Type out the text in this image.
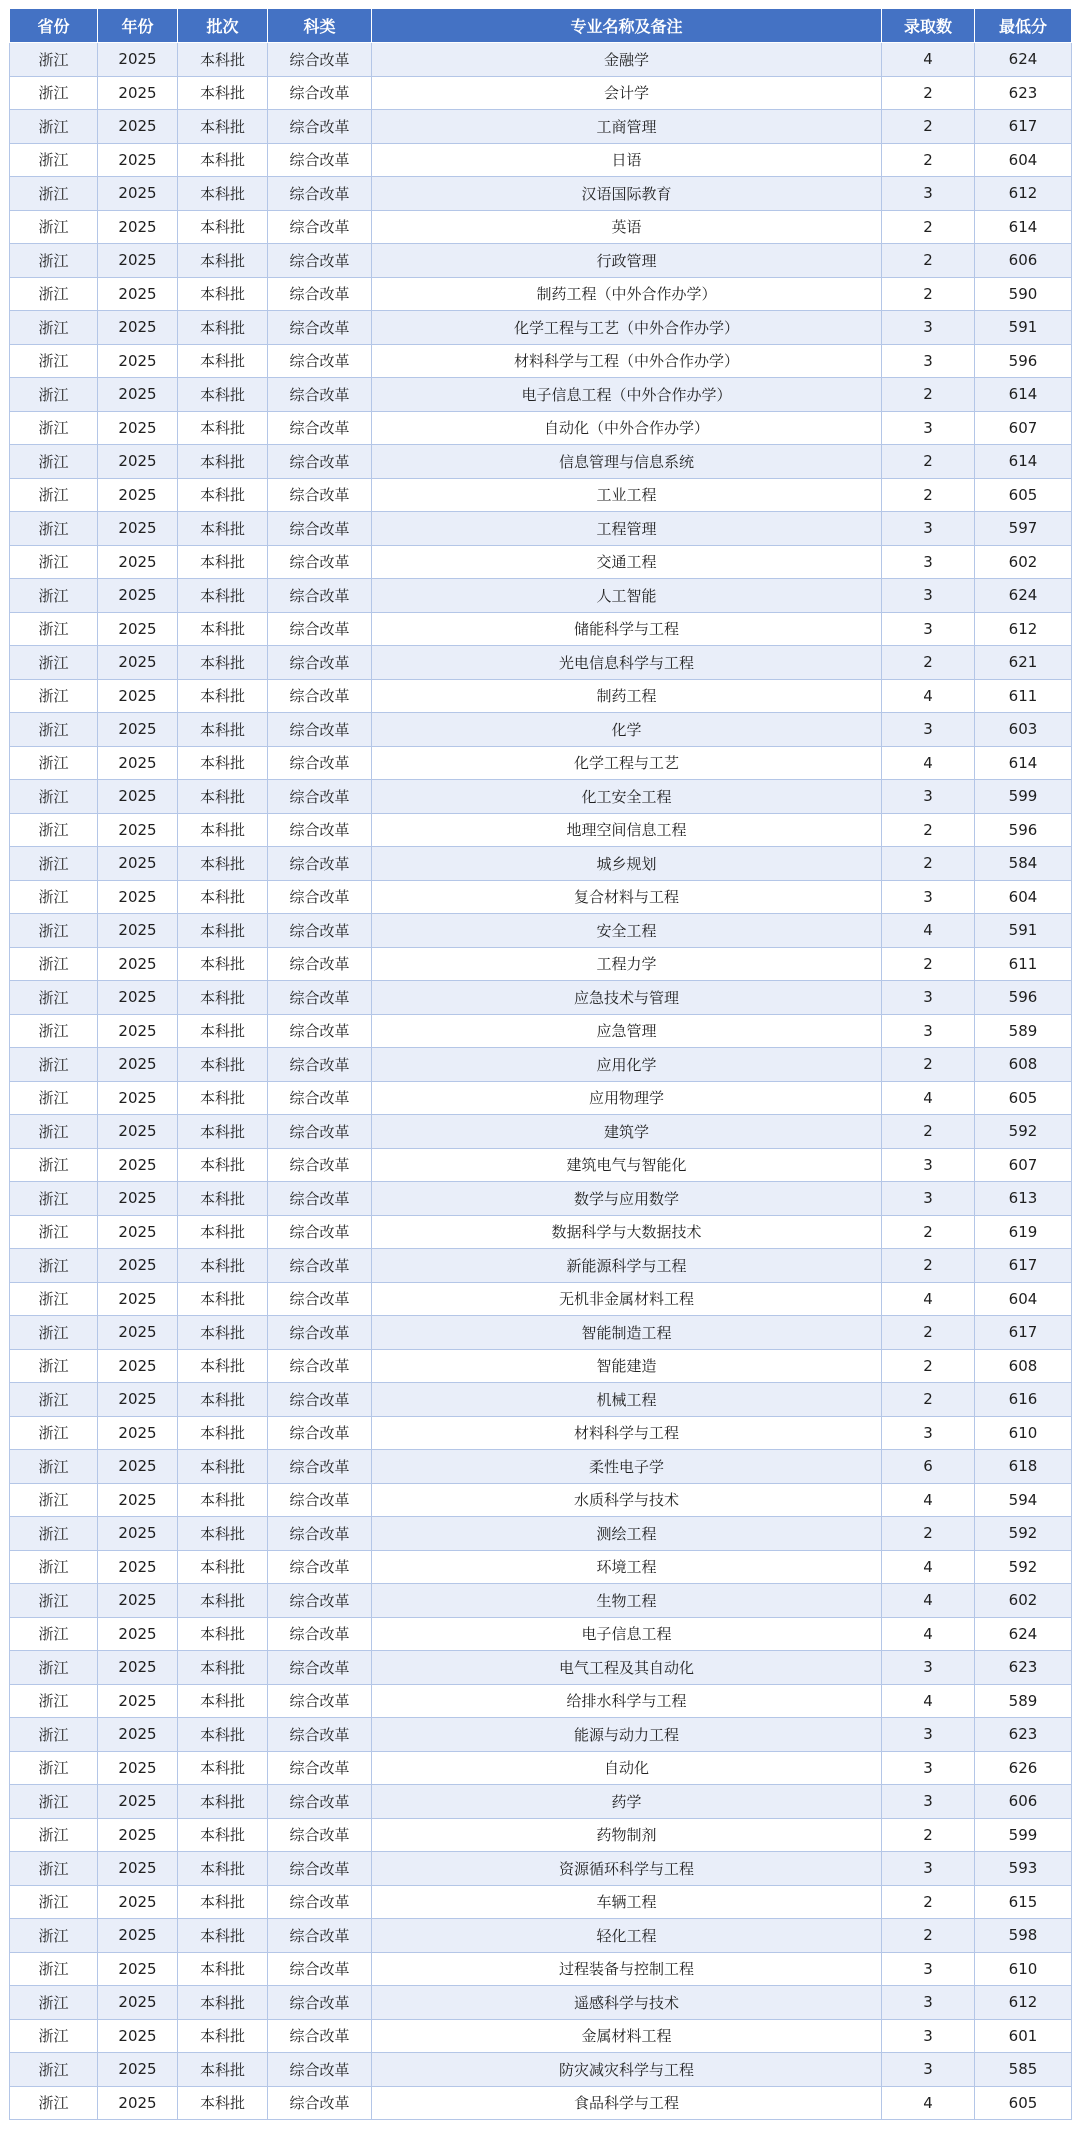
省份	年份	批次	科类	专业名称及备注	录取数	最低分
浙江	2025	本科批	综合改革	金融学	4	624
浙江	2025	本科批	综合改革	会计学	2	623
浙江	2025	本科批	综合改革	工商管理	2	617
浙江	2025	本科批	综合改革	日语	2	604
浙江	2025	本科批	综合改革	汉语国际教育	3	612
浙江	2025	本科批	综合改革	英语	2	614
浙江	2025	本科批	综合改革	行政管理	2	606
浙江	2025	本科批	综合改革	制药工程（中外合作办学）	2	590
浙江	2025	本科批	综合改革	化学工程与工艺（中外合作办学）	3	591
浙江	2025	本科批	综合改革	材料科学与工程（中外合作办学）	3	596
浙江	2025	本科批	综合改革	电子信息工程（中外合作办学）	2	614
浙江	2025	本科批	综合改革	自动化（中外合作办学）	3	607
浙江	2025	本科批	综合改革	信息管理与信息系统	2	614
浙江	2025	本科批	综合改革	工业工程	2	605
浙江	2025	本科批	综合改革	工程管理	3	597
浙江	2025	本科批	综合改革	交通工程	3	602
浙江	2025	本科批	综合改革	人工智能	3	624
浙江	2025	本科批	综合改革	储能科学与工程	3	612
浙江	2025	本科批	综合改革	光电信息科学与工程	2	621
浙江	2025	本科批	综合改革	制药工程	4	611
浙江	2025	本科批	综合改革	化学	3	603
浙江	2025	本科批	综合改革	化学工程与工艺	4	614
浙江	2025	本科批	综合改革	化工安全工程	3	599
浙江	2025	本科批	综合改革	地理空间信息工程	2	596
浙江	2025	本科批	综合改革	城乡规划	2	584
浙江	2025	本科批	综合改革	复合材料与工程	3	604
浙江	2025	本科批	综合改革	安全工程	4	591
浙江	2025	本科批	综合改革	工程力学	2	611
浙江	2025	本科批	综合改革	应急技术与管理	3	596
浙江	2025	本科批	综合改革	应急管理	3	589
浙江	2025	本科批	综合改革	应用化学	2	608
浙江	2025	本科批	综合改革	应用物理学	4	605
浙江	2025	本科批	综合改革	建筑学	2	592
浙江	2025	本科批	综合改革	建筑电气与智能化	3	607
浙江	2025	本科批	综合改革	数学与应用数学	3	613
浙江	2025	本科批	综合改革	数据科学与大数据技术	2	619
浙江	2025	本科批	综合改革	新能源科学与工程	2	617
浙江	2025	本科批	综合改革	无机非金属材料工程	4	604
浙江	2025	本科批	综合改革	智能制造工程	2	617
浙江	2025	本科批	综合改革	智能建造	2	608
浙江	2025	本科批	综合改革	机械工程	2	616
浙江	2025	本科批	综合改革	材料科学与工程	3	610
浙江	2025	本科批	综合改革	柔性电子学	6	618
浙江	2025	本科批	综合改革	水质科学与技术	4	594
浙江	2025	本科批	综合改革	测绘工程	2	592
浙江	2025	本科批	综合改革	环境工程	4	592
浙江	2025	本科批	综合改革	生物工程	4	602
浙江	2025	本科批	综合改革	电子信息工程	4	624
浙江	2025	本科批	综合改革	电气工程及其自动化	3	623
浙江	2025	本科批	综合改革	给排水科学与工程	4	589
浙江	2025	本科批	综合改革	能源与动力工程	3	623
浙江	2025	本科批	综合改革	自动化	3	626
浙江	2025	本科批	综合改革	药学	3	606
浙江	2025	本科批	综合改革	药物制剂	2	599
浙江	2025	本科批	综合改革	资源循环科学与工程	3	593
浙江	2025	本科批	综合改革	车辆工程	2	615
浙江	2025	本科批	综合改革	轻化工程	2	598
浙江	2025	本科批	综合改革	过程装备与控制工程	3	610
浙江	2025	本科批	综合改革	遥感科学与技术	3	612
浙江	2025	本科批	综合改革	金属材料工程	3	601
浙江	2025	本科批	综合改革	防灾减灾科学与工程	3	585
浙江	2025	本科批	综合改革	食品科学与工程	4	605
